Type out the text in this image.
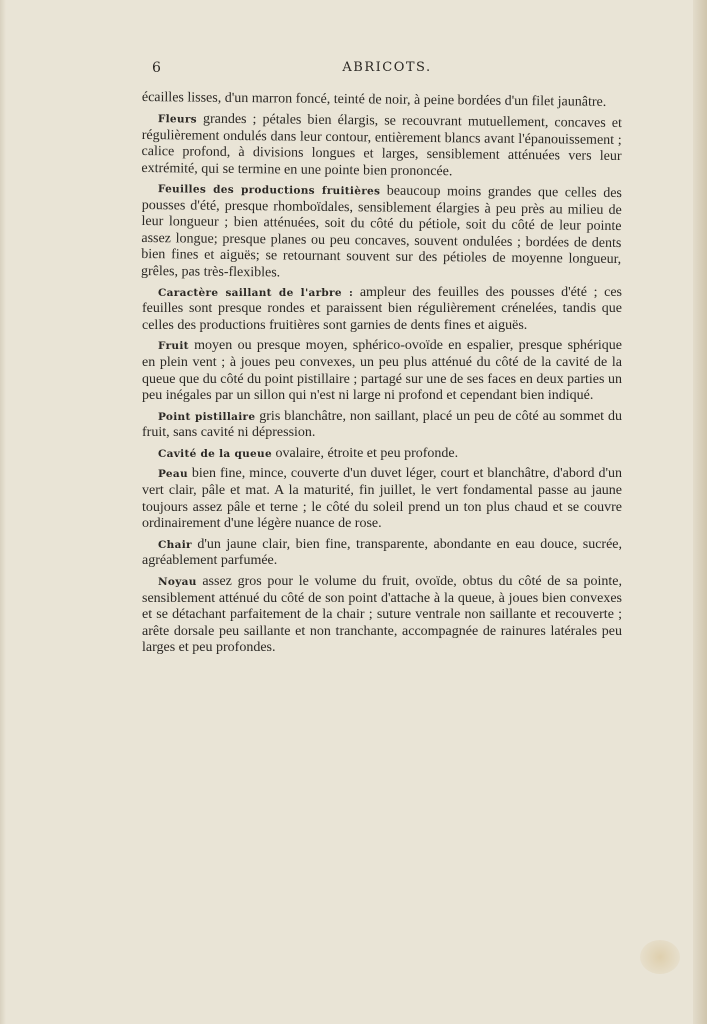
6	ABRICOTS.

écailles lisses, d'un marron foncé, teinté de noir, à peine bordées d'un filet jaunâtre.

Fleurs grandes ; pétales bien élargis, se recouvrant mutuellement, concaves et régulièrement ondulés dans leur contour, entièrement blancs avant l'épanouissement ; calice profond, à divisions longues et larges, sensiblement atténuées vers leur extrémité, qui se termine en une pointe bien prononcée.

Feuilles des productions fruitières beaucoup moins grandes que celles des pousses d'été, presque rhomboïdales, sensiblement élargies à peu près au milieu de leur longueur ; bien atténuées, soit du côté du pétiole, soit du côté de leur pointe assez longue; presque planes ou peu concaves, souvent ondulées ; bordées de dents bien fines et aiguës; se retournant souvent sur des pétioles de moyenne longueur, grêles, pas très-flexibles.

Caractère saillant de l'arbre : ampleur des feuilles des pousses d'été ; ces feuilles sont presque rondes et paraissent bien régulièrement crénelées, tandis que celles des productions fruitières sont garnies de dents fines et aiguës.

Fruit moyen ou presque moyen, sphérico-ovoïde en espalier, presque sphérique en plein vent ; à joues peu convexes, un peu plus atténué du côté de la cavité de la queue que du côté du point pistillaire ; partagé sur une de ses faces en deux parties un peu inégales par un sillon qui n'est ni large ni profond et cependant bien indiqué.

Point pistillaire gris blanchâtre, non saillant, placé un peu de côté au sommet du fruit, sans cavité ni dépression.

Cavité de la queue ovalaire, étroite et peu profonde.

Peau bien fine, mince, couverte d'un duvet léger, court et blanchâtre, d'abord d'un vert clair, pâle et mat. A la maturité, fin juillet, le vert fondamental passe au jaune toujours assez pâle et terne ; le côté du soleil prend un ton plus chaud et se couvre ordinairement d'une légère nuance de rose.

Chair d'un jaune clair, bien fine, transparente, abondante en eau douce, sucrée, agréablement parfumée.

Noyau assez gros pour le volume du fruit, ovoïde, obtus du côté de sa pointe, sensiblement atténué du côté de son point d'attache à la queue, à joues bien convexes et se détachant parfaitement de la chair ; suture ventrale non saillante et recouverte ; arête dorsale peu saillante et non tranchante, accompagnée de rainures latérales peu larges et peu profondes.
